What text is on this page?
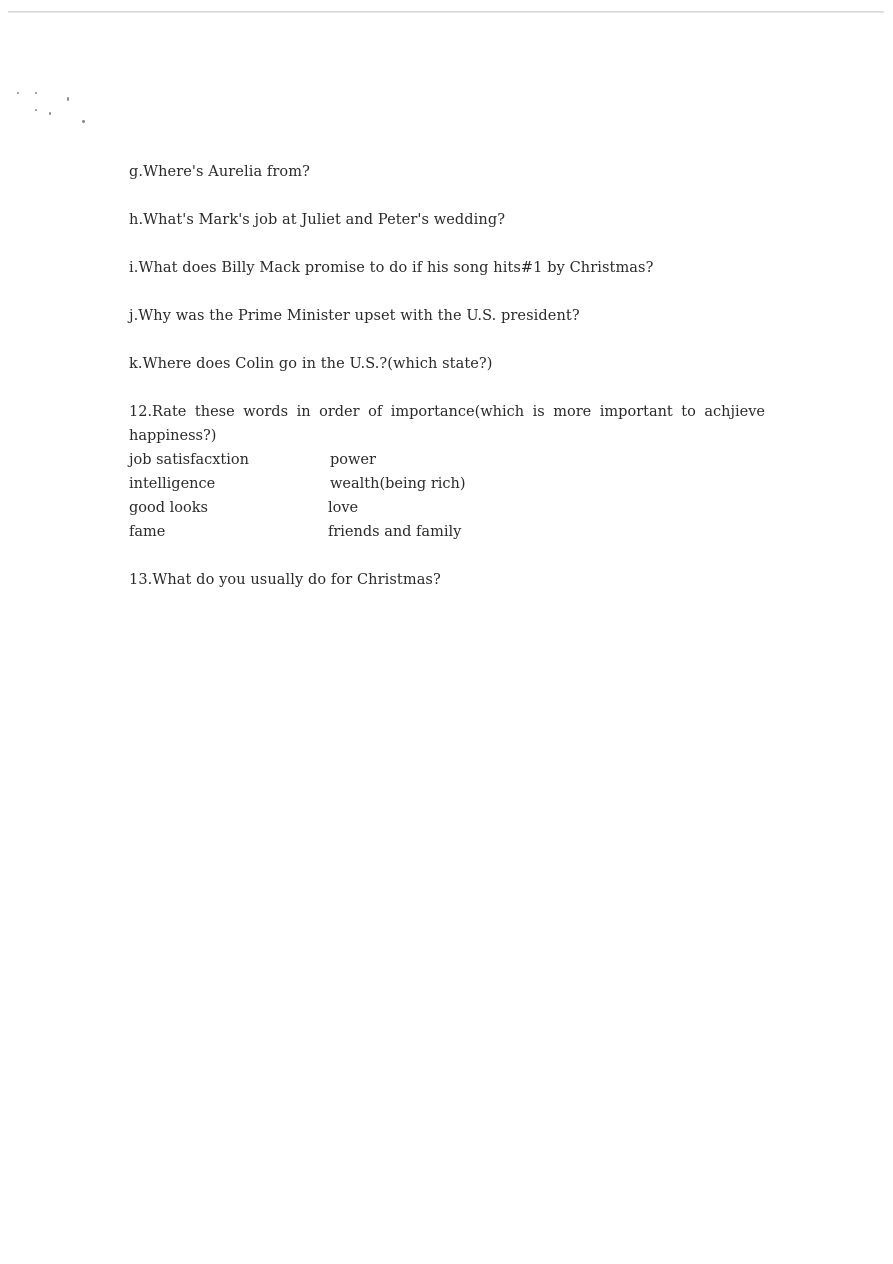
g.Where's Aurelia from?
h.What's Mark's job at Juliet and Peter's wedding?
i.What does Billy Mack promise to do if his song hits#1 by Christmas?
j.Why was the Prime Minister upset with the U.S. president?
k.Where does Colin go in the U.S.?(which state?)
12.Rate these words in order of importance(which is more important to achjieve happiness?)
job satisfacxtion	power
intelligence	wealth(being rich)
good looks	love
fame	friends and family
13.What do you usually do for Christmas?
